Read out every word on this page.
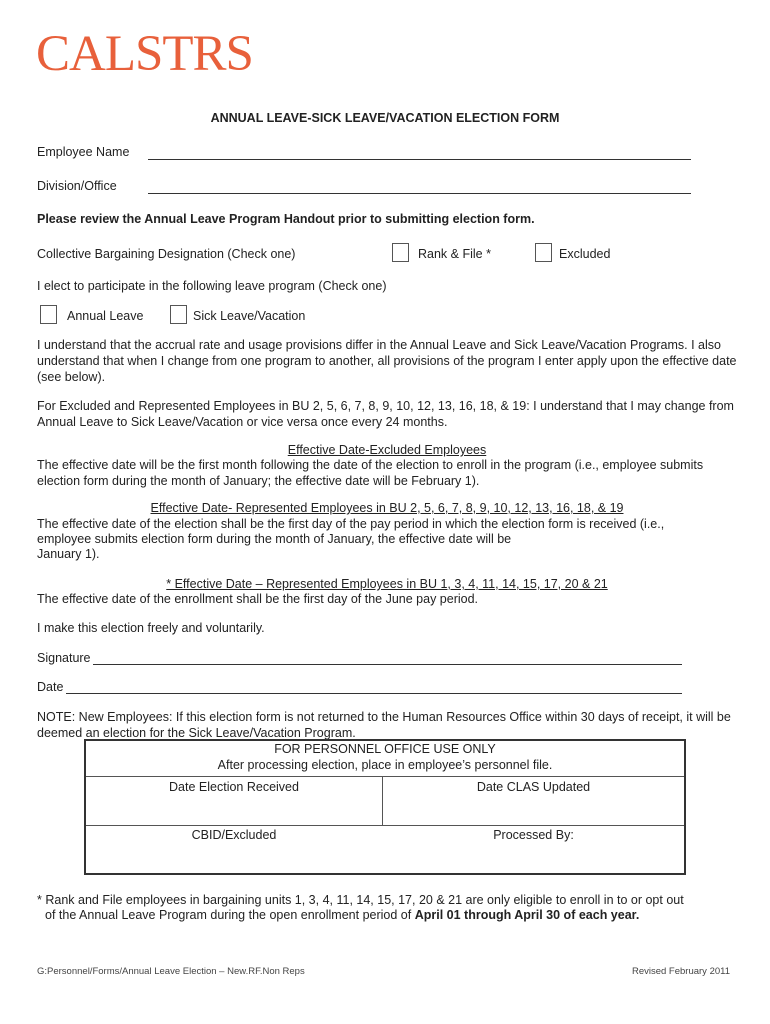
CALSTRS
ANNUAL LEAVE-SICK LEAVE/VACATION ELECTION FORM
Employee Name
Division/Office
Please review the Annual Leave Program Handout prior to submitting election form.
Collective Bargaining Designation (Check one)	Rank & File *	Excluded
I elect to participate in the following leave program (Check one)
Annual Leave	Sick Leave/Vacation
I understand that the accrual rate and usage provisions differ in the Annual Leave and Sick Leave/Vacation Programs. I also understand that when I change from one program to another, all provisions of the program I enter apply upon the effective date (see below).
For Excluded and Represented Employees in BU 2, 5, 6, 7, 8, 9, 10, 12, 13, 16, 18, & 19: I understand that I may change from Annual Leave to Sick Leave/Vacation or vice versa once every 24 months.
Effective Date-Excluded Employees
The effective date will be the first month following the date of the election to enroll in the program (i.e., employee submits election form during the month of January; the effective date will be February 1).
Effective Date- Represented Employees in BU 2, 5, 6, 7, 8, 9, 10, 12, 13, 16, 18, & 19
The effective date of the election shall be the first day of the pay period in which the election form is received (i.e.,
employee submits election form during the month of January, the effective date will be
January 1).
* Effective Date – Represented Employees in BU 1, 3, 4, 11, 14, 15, 17, 20 & 21
The effective date of the enrollment shall be the first day of the June pay period.
I make this election freely and voluntarily.
Signature
Date
NOTE: New Employees: If this election form is not returned to the Human Resources Office within 30 days of receipt, it will be deemed an election for the Sick Leave/Vacation Program.
FOR PERSONNEL OFFICE USE ONLY
After processing election, place in employee’s personnel file.
Date Election Received	Date CLAS Updated
CBID/Excluded	Processed By:
* Rank and File employees in bargaining units 1, 3, 4, 11, 14, 15, 17, 20 & 21 are only eligible to enroll in to or opt out
of the Annual Leave Program during the open enrollment period of April 01 through April 30 of each year.
G:Personnel/Forms/Annual Leave Election – New.RF.Non Reps	Revised February 2011
